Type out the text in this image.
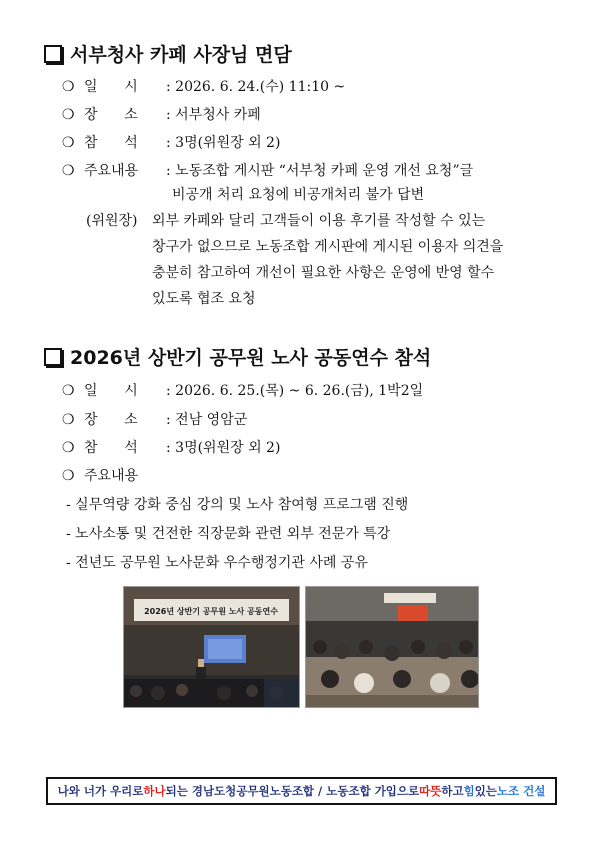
서부청사 카페 사장님 면담
❍ 일      시	: 2026. 6. 24.(수) 11:10 ~
❍ 장      소	: 서부청사 카페
❍ 참      석	: 3명(위원장 외 2)
❍ 주요내용	: 노동조합 게시판 “서부청 카페 운영 개선 요청”글
비공개 처리 요청에 비공개처리 불가 답변
(위원장) 외부 카페와 달리 고객들이 이용 후기를 작성할 수 있는
창구가 없으므로 노동조합 게시판에 게시된 이용자 의견을
충분히 참고하여 개선이 필요한 사항은 운영에 반영 할수
있도록 협조 요청
2026년 상반기 공무원 노사 공동연수 참석
❍ 일      시	: 2026. 6. 25.(목) ~ 6. 26.(금), 1박2일
❍ 장      소	: 전남 영암군
❍ 참      석	: 3명(위원장 외 2)
❍ 주요내용
- 실무역량 강화 중심 강의 및 노사 참여형 프로그램 진행
- 노사소통 및 건전한 직장문화 관련 외부 전문가 특강
- 전년도 공무원 노사문화 우수행정기관 사례 공유
2026년 상반기 공무원 노사 공동연수
나와 너가 우리로 하나 되는 경남도청공무원노동조합 / 노동조합 가입으로 따뜻 하고 힘 있는 노조 건설
